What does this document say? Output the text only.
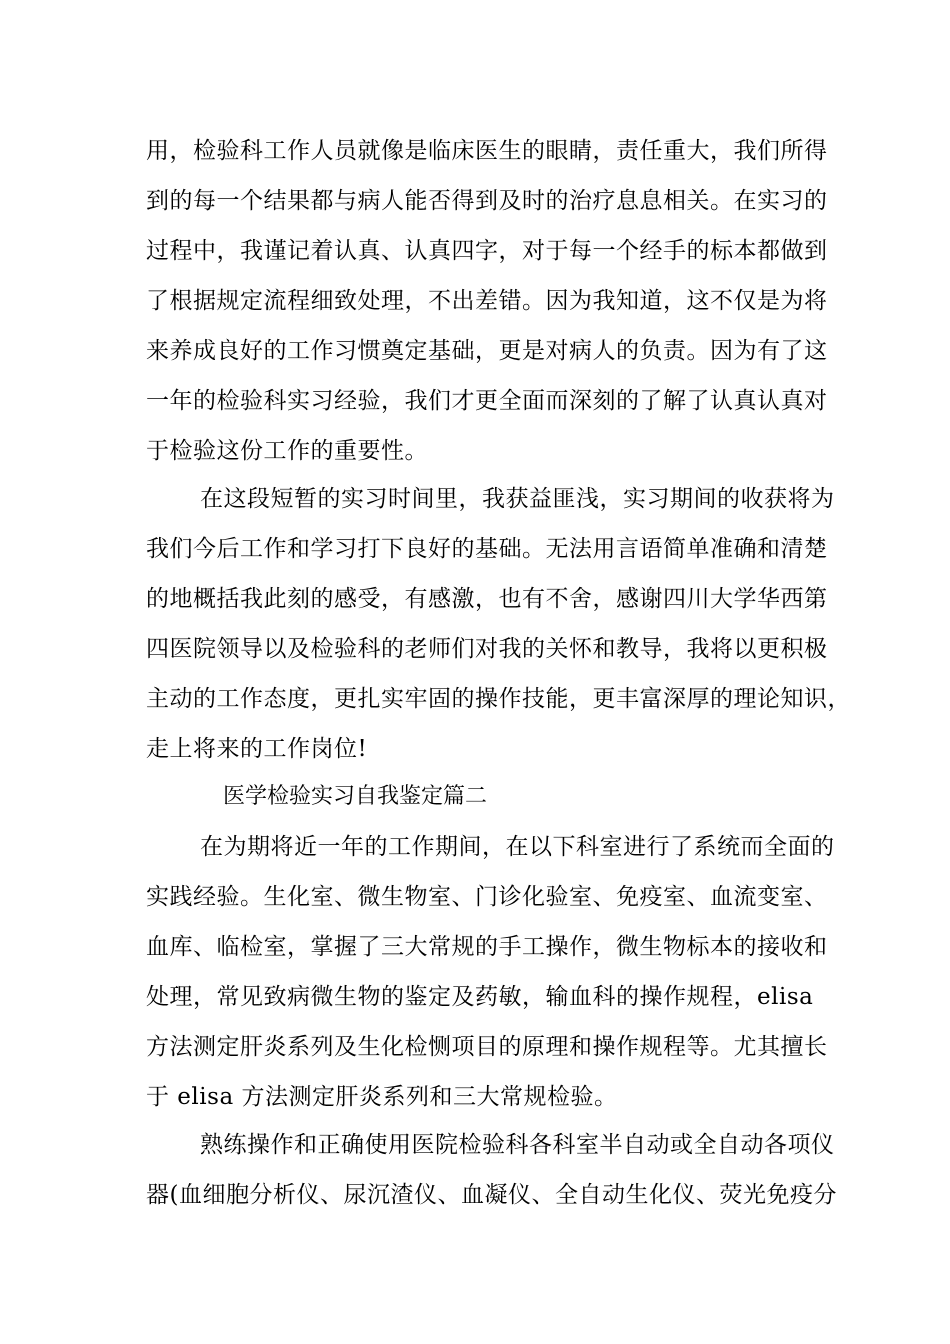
用，检验科工作人员就像是临床医生的眼睛，责任重大，我们所得
到的每一个结果都与病人能否得到及时的治疗息息相关。在实习的
过程中，我谨记着认真、认真四字，对于每一个经手的标本都做到
了根据规定流程细致处理，不出差错。因为我知道，这不仅是为将
来养成良好的工作习惯奠定基础，更是对病人的负责。因为有了这
一年的检验科实习经验，我们才更全面而深刻的了解了认真认真对
于检验这份工作的重要性。
在这段短暂的实习时间里，我获益匪浅，实习期间的收获将为
我们今后工作和学习打下良好的基础。无法用言语简单准确和清楚
的地概括我此刻的感受，有感激，也有不舍，感谢四川大学华西第
四医院领导以及检验科的老师们对我的关怀和教导，我将以更积极
主动的工作态度，更扎实牢固的操作技能，更丰富深厚的理论知识，
走上将来的工作岗位!
医学检验实习自我鉴定篇二
在为期将近一年的工作期间，在以下科室进行了系统而全面的
实践经验。生化室、微生物室、门诊化验室、免疫室、血流变室、
血库、临检室，掌握了三大常规的手工操作，微生物标本的接收和
处理，常见致病微生物的鉴定及药敏，输血科的操作规程，elisa
方法测定肝炎系列及生化检恻项目的原理和操作规程等。尤其擅长
于 elisa 方法测定肝炎系列和三大常规检验。
熟练操作和正确使用医院检验科各科室半自动或全自动各项仪
器(血细胞分析仪、尿沉渣仪、血凝仪、全自动生化仪、荧光免疫分
